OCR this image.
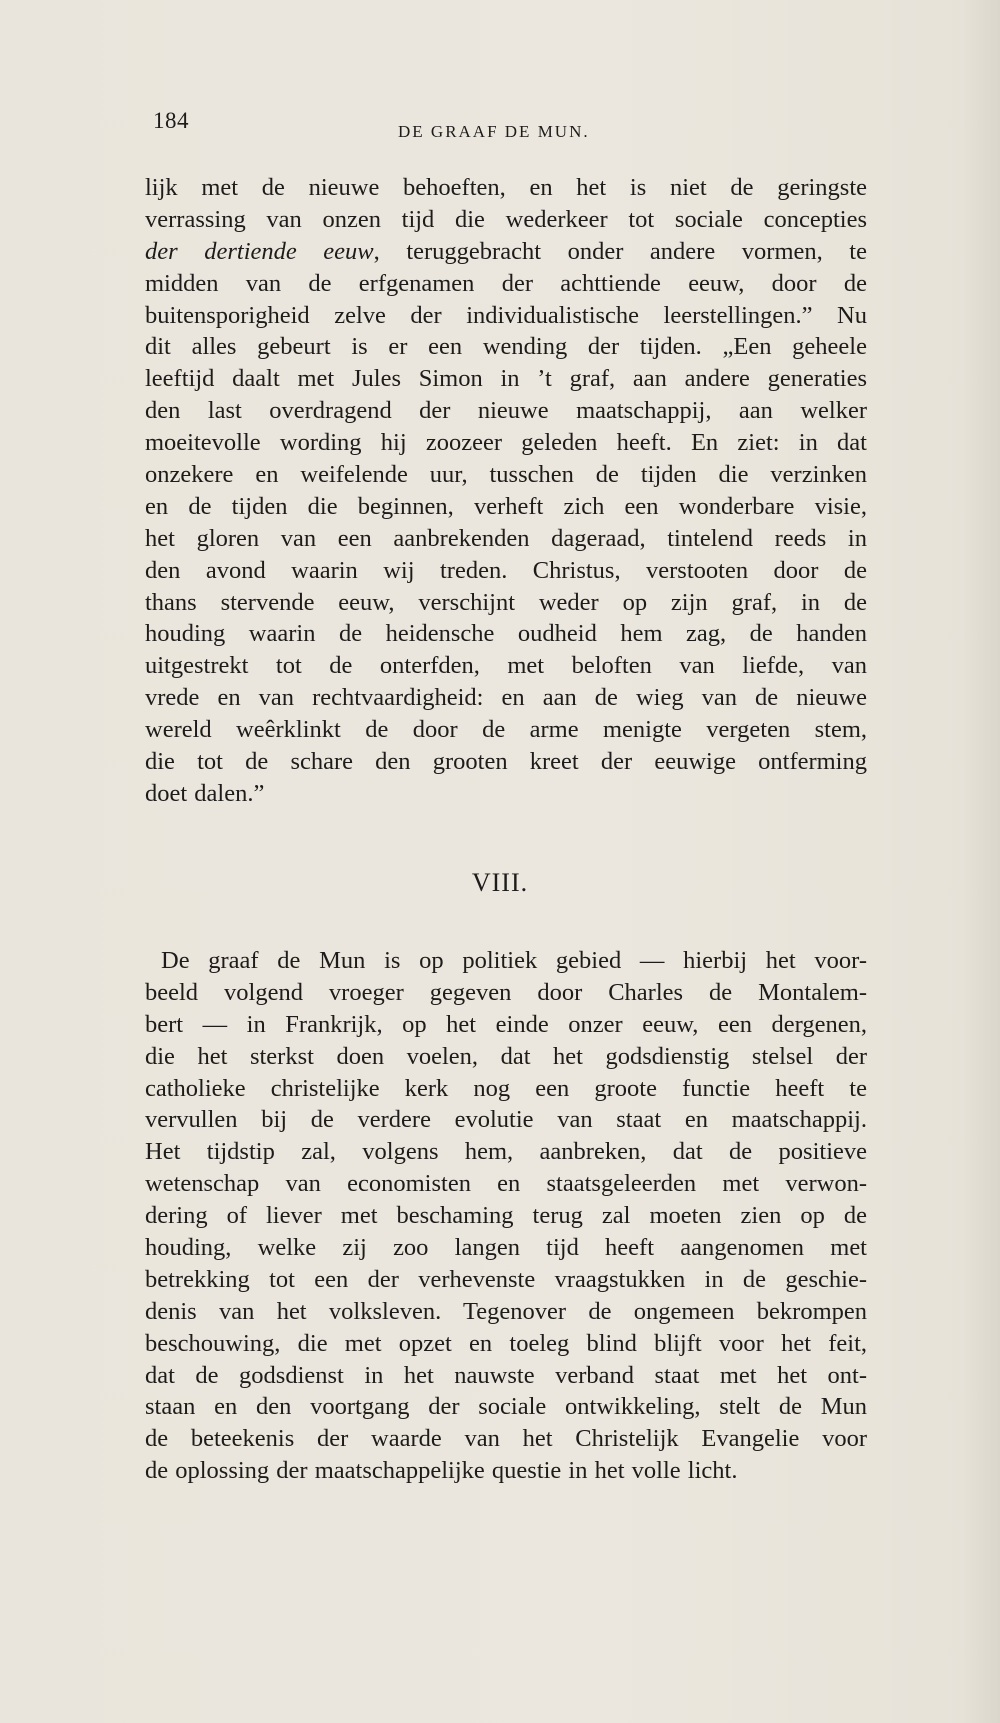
184	DE GRAAF DE MUN.
lijk met de nieuwe behoeften, en het is niet de geringste
verrassing van onzen tijd die wederkeer tot sociale concepties
der dertiende eeuw, teruggebracht onder andere vormen, te
midden van de erfgenamen der achttiende eeuw, door de
buitensporigheid zelve der individualistische leerstellingen.” Nu
dit alles gebeurt is er een wending der tijden. „Een geheele
leeftijd daalt met Jules Simon in ’t graf, aan andere generaties
den last overdragend der nieuwe maatschappij, aan welker
moeitevolle wording hij zoozeer geleden heeft. En ziet: in dat
onzekere en weifelende uur, tusschen de tijden die verzinken
en de tijden die beginnen, verheft zich een wonderbare visie,
het gloren van een aanbrekenden dageraad, tintelend reeds in
den avond waarin wij treden. Christus, verstooten door de
thans stervende eeuw, verschijnt weder op zijn graf, in de
houding waarin de heidensche oudheid hem zag, de handen
uitgestrekt tot de onterfden, met beloften van liefde, van
vrede en van rechtvaardigheid: en aan de wieg van de nieuwe
wereld weêrklinkt de door de arme menigte vergeten stem,
die tot de schare den grooten kreet der eeuwige ontferming
doet dalen.”
VIII.
De graaf de Mun is op politiek gebied — hierbij het voor-
beeld volgend vroeger gegeven door Charles de Montalem-
bert — in Frankrijk, op het einde onzer eeuw, een dergenen,
die het sterkst doen voelen, dat het godsdienstig stelsel der
catholieke christelijke kerk nog een groote functie heeft te
vervullen bij de verdere evolutie van staat en maatschappij.
Het tijdstip zal, volgens hem, aanbreken, dat de positieve
wetenschap van economisten en staatsgeleerden met verwon-
dering of liever met beschaming terug zal moeten zien op de
houding, welke zij zoo langen tijd heeft aangenomen met
betrekking tot een der verhevenste vraagstukken in de geschie-
denis van het volksleven. Tegenover de ongemeen bekrompen
beschouwing, die met opzet en toeleg blind blijft voor het feit,
dat de godsdienst in het nauwste verband staat met het ont-
staan en den voortgang der sociale ontwikkeling, stelt de Mun
de beteekenis der waarde van het Christelijk Evangelie voor
de oplossing der maatschappelijke questie in het volle licht.
